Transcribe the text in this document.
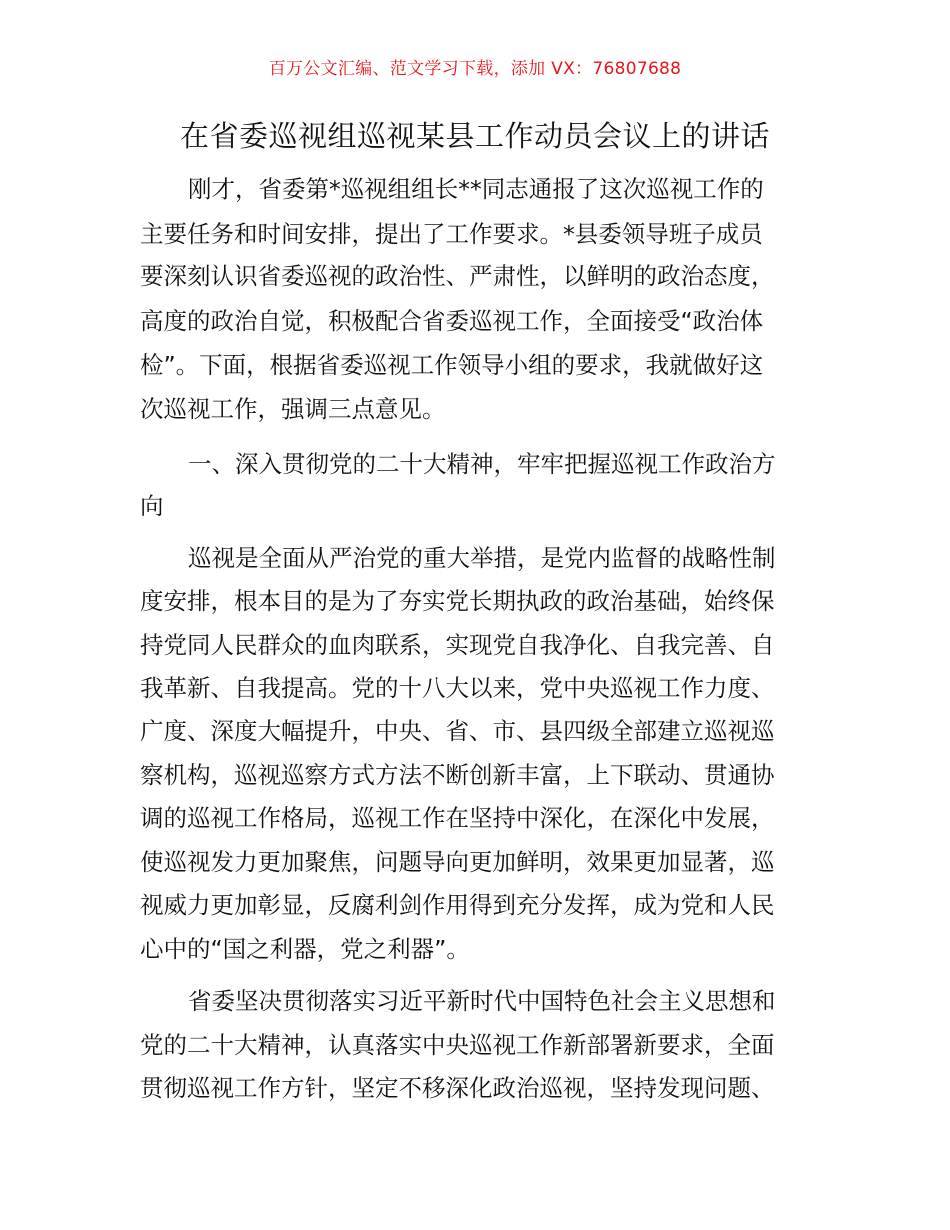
百万公文汇编、范文学习下载，添加 VX：76807688
在省委巡视组巡视某县工作动员会议上的讲话
刚才，省委第*巡视组组长**同志通报了这次巡视工作的
主要任务和时间安排，提出了工作要求。*县委领导班子成员
要深刻认识省委巡视的政治性、严肃性，以鲜明的政治态度，
高度的政治自觉，积极配合省委巡视工作，全面接受“政治体
检”。下面，根据省委巡视工作领导小组的要求，我就做好这
次巡视工作，强调三点意见。
一、深入贯彻党的二十大精神，牢牢把握巡视工作政治方
向
巡视是全面从严治党的重大举措，是党内监督的战略性制
度安排，根本目的是为了夯实党长期执政的政治基础，始终保
持党同人民群众的血肉联系，实现党自我净化、自我完善、自
我革新、自我提高。党的十八大以来，党中央巡视工作力度、
广度、深度大幅提升，中央、省、市、县四级全部建立巡视巡
察机构，巡视巡察方式方法不断创新丰富，上下联动、贯通协
调的巡视工作格局，巡视工作在坚持中深化，在深化中发展，
使巡视发力更加聚焦，问题导向更加鲜明，效果更加显著，巡
视威力更加彰显，反腐利剑作用得到充分发挥，成为党和人民
心中的“国之利器，党之利器”。
省委坚决贯彻落实习近平新时代中国特色社会主义思想和
党的二十大精神，认真落实中央巡视工作新部署新要求，全面
贯彻巡视工作方针，坚定不移深化政治巡视，坚持发现问题、
